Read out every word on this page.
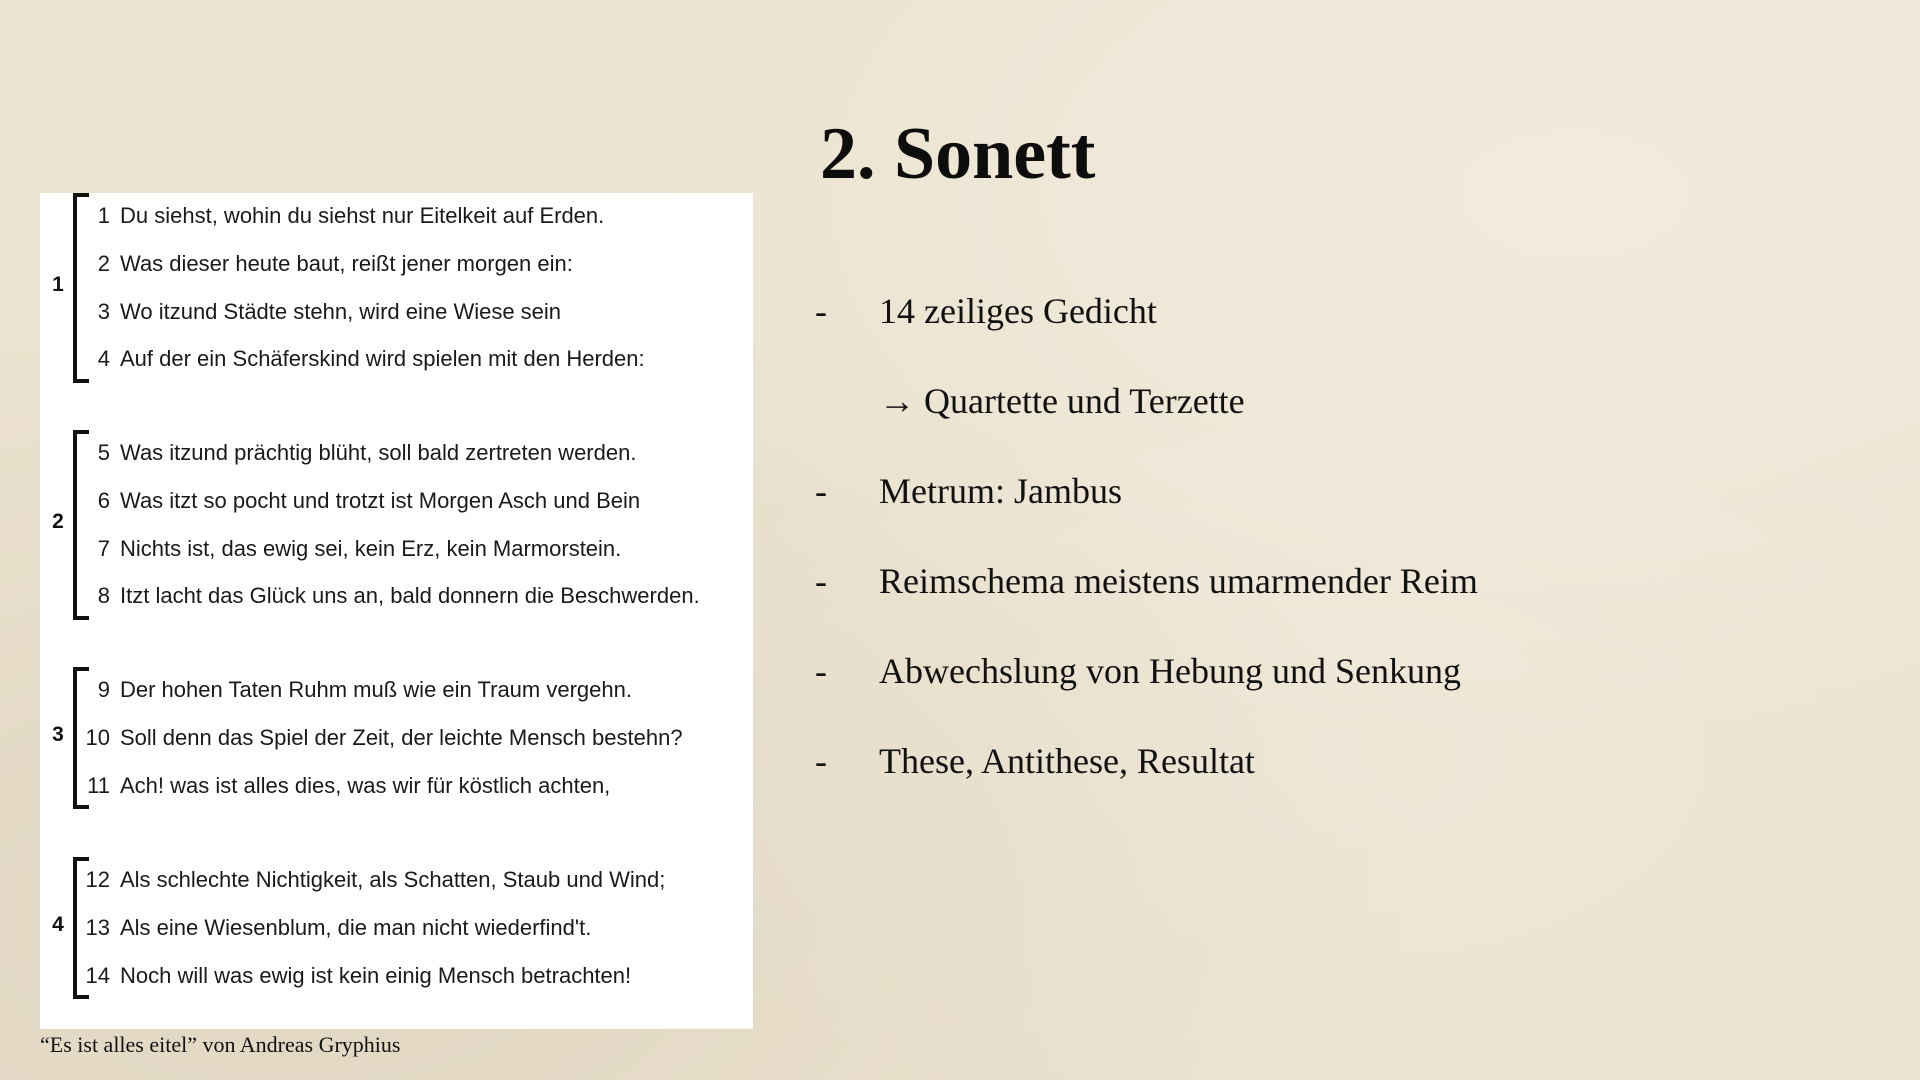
1
1 Du siehst, wohin du siehst nur Eitelkeit auf Erden.
2 Was dieser heute baut, reißt jener morgen ein:
3 Wo itzund Städte stehn, wird eine Wiese sein
4 Auf der ein Schäferskind wird spielen mit den Herden:
2
5 Was itzund prächtig blüht, soll bald zertreten werden.
6 Was itzt so pocht und trotzt ist Morgen Asch und Bein
7 Nichts ist, das ewig sei, kein Erz, kein Marmorstein.
8 Itzt lacht das Glück uns an, bald donnern die Beschwerden.
3
9 Der hohen Taten Ruhm muß wie ein Traum vergehn.
10 Soll denn das Spiel der Zeit, der leichte Mensch bestehn?
11 Ach! was ist alles dies, was wir für köstlich achten,
4
12 Als schlechte Nichtigkeit, als Schatten, Staub und Wind;
13 Als eine Wiesenblum, die man nicht wiederfind't.
14 Noch will was ewig ist kein einig Mensch betrachten!
“Es ist alles eitel” von Andreas Gryphius
2. Sonett
-	14 zeiliges Gedicht
→ Quartette und Terzette
-	Metrum: Jambus
-	Reimschema meistens umarmender Reim
-	Abwechslung von Hebung und Senkung
-	These, Antithese, Resultat
